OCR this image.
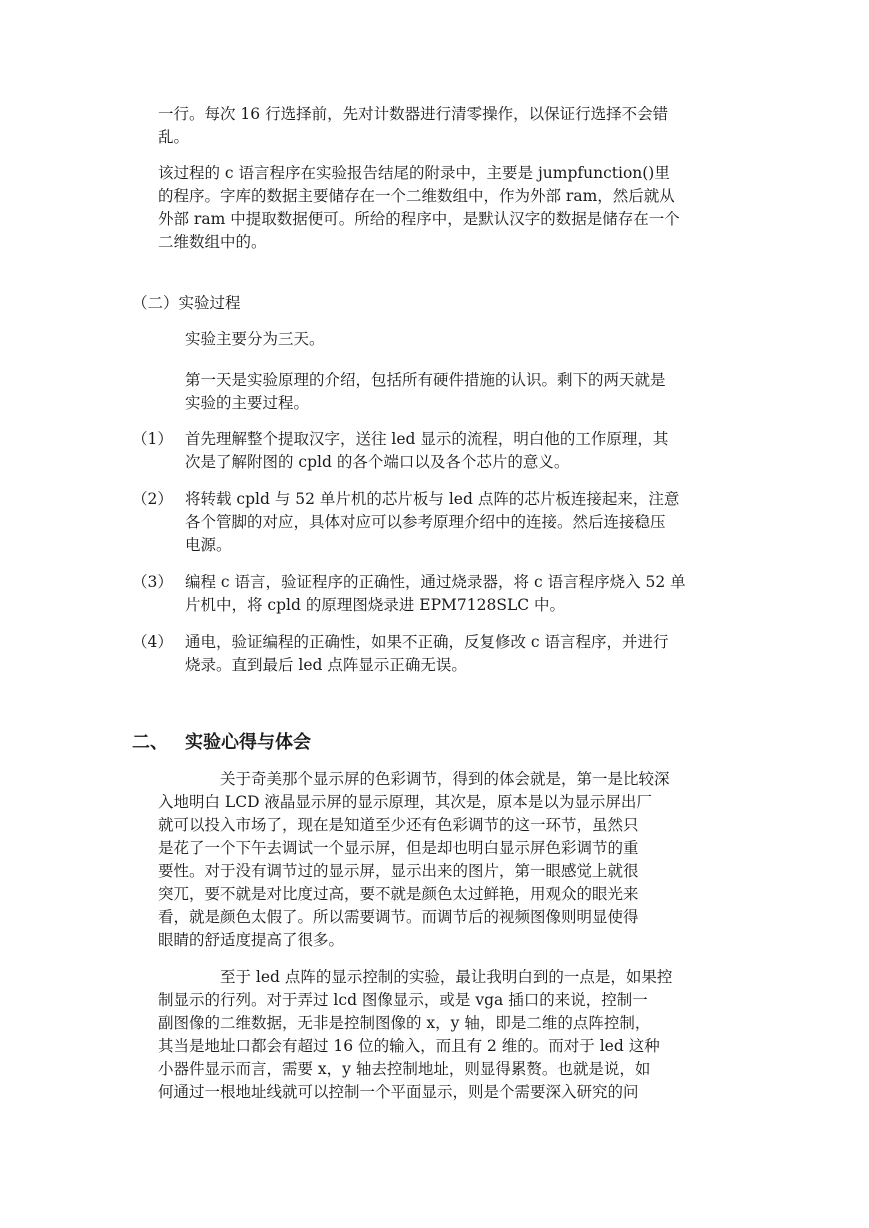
一行。每次 16 行选择前，先对计数器进行清零操作，以保证行选择不会错
乱。
该过程的 c 语言程序在实验报告结尾的附录中，主要是 jumpfunction()里
的程序。字库的数据主要储存在一个二维数组中，作为外部 ram，然后就从
外部 ram 中提取数据便可。所给的程序中，是默认汉字的数据是储存在一个
二维数组中的。
（二）实验过程
实验主要分为三天。
第一天是实验原理的介绍，包括所有硬件措施的认识。剩下的两天就是
实验的主要过程。
（1） 首先理解整个提取汉字，送往 led 显示的流程，明白他的工作原理，其
次是了解附图的 cpld 的各个端口以及各个芯片的意义。
（2） 将转载 cpld 与 52 单片机的芯片板与 led 点阵的芯片板连接起来，注意
各个管脚的对应，具体对应可以参考原理介绍中的连接。然后连接稳压
电源。
（3） 编程 c 语言，验证程序的正确性，通过烧录器，将 c 语言程序烧入 52 单
片机中，将 cpld 的原理图烧录进 EPM7128SLC 中。
（4） 通电，验证编程的正确性，如果不正确，反复修改 c 语言程序，并进行
烧录。直到最后 led 点阵显示正确无误。
二、 实验心得与体会
关于奇美那个显示屏的色彩调节，得到的体会就是，第一是比较深
入地明白 LCD 液晶显示屏的显示原理，其次是，原本是以为显示屏出厂
就可以投入市场了，现在是知道至少还有色彩调节的这一环节，虽然只
是花了一个下午去调试一个显示屏，但是却也明白显示屏色彩调节的重
要性。对于没有调节过的显示屏，显示出来的图片，第一眼感觉上就很
突兀，要不就是对比度过高，要不就是颜色太过鲜艳，用观众的眼光来
看，就是颜色太假了。所以需要调节。而调节后的视频图像则明显使得
眼睛的舒适度提高了很多。
至于 led 点阵的显示控制的实验，最让我明白到的一点是，如果控
制显示的行列。对于弄过 lcd 图像显示，或是 vga 插口的来说，控制一
副图像的二维数据，无非是控制图像的 x，y 轴，即是二维的点阵控制，
其当是地址口都会有超过 16 位的输入，而且有 2 维的。而对于 led 这种
小器件显示而言，需要 x，y 轴去控制地址，则显得累赘。也就是说，如
何通过一根地址线就可以控制一个平面显示，则是个需要深入研究的问
